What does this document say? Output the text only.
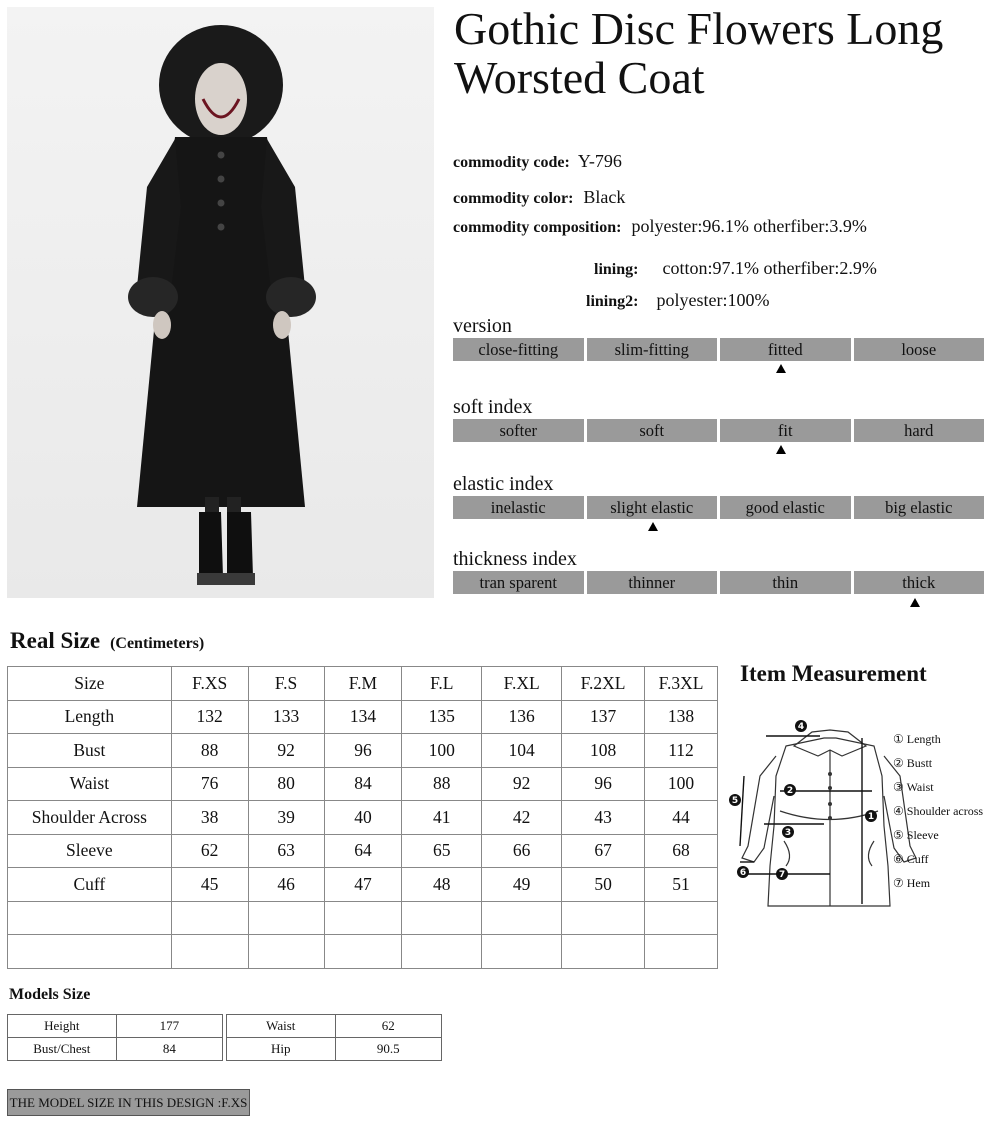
Gothic Disc Flowers Long Worsted Coat
commodity code: Y-796
commodity color: Black
commodity composition: polyester:96.1% otherfiber:3.9%
lining: cotton:97.1% otherfiber:2.9%
lining2: polyester:100%
version
close-fitting	slim-fitting	fitted	loose
soft index
softer	soft	fit	hard
elastic index
inelastic	slight elastic	good elastic	big elastic
thickness index
tran sparent	thinner	thin	thick
Real Size (Centimeters)
Size	F.XS	F.S	F.M	F.L	F.XL	F.2XL	F.3XL
Length	132	133	134	135	136	137	138
Bust	88	92	96	100	104	108	112
Waist	76	80	84	88	92	96	100
Shoulder Across	38	39	40	41	42	43	44
Sleeve	62	63	64	65	66	67	68
Cuff	45	46	47	48	49	50	51

Item Measurement
4
2
3
1
5
6	7
① Length
② Bustt
③ Waist
④ Shoulder across
⑤ Sleeve
⑥ Cuff
⑦ Hem
Models Size
Height	177
Bust/Chest	84
Waist	62
Hip	90.5
THE MODEL SIZE IN THIS DESIGN :F.XS
